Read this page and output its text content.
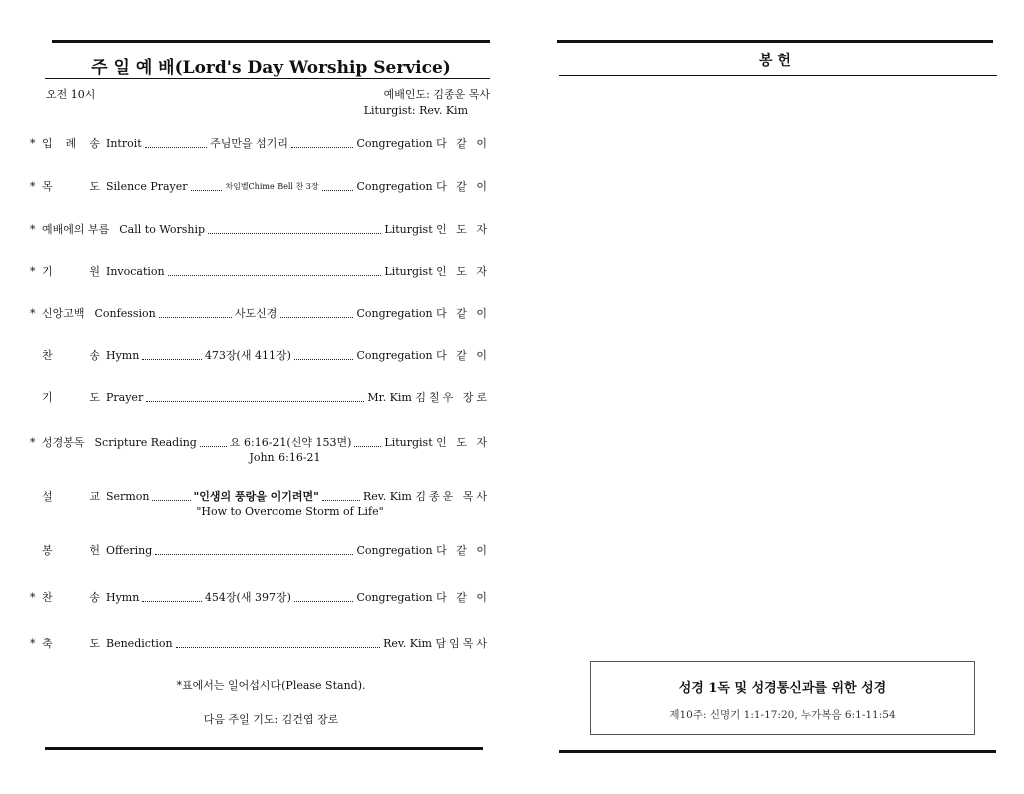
주 일 예 배(Lord's Day Worship Service)
오전 10시	예배인도: 김종운 목사
Liturgist: Rev. Kim
* 입 례 송 Introit	주님만을 섬기리	Congregation 다 같 이
* 목	도 Silence Prayer	차임벨Chime Bell 찬 3장	Congregation 다 같 이
* 예배에의 부름 Call to Worship	Liturgist 인 도 자
* 기	원 Invocation	Liturgist 인 도 자
* 신앙고백 Confession	사도신경	Congregation 다 같 이
찬	송 Hymn	473장(새 411장)	Congregation 다 같 이
기	도 Prayer	Mr. Kim 김칠우 장로
* 성경봉독 Scripture Reading	요 6:16-21(신약 153면)	Liturgist 인 도 자
John 6:16-21
설	교 Sermon	"인생의 풍랑을 이기려면"	Rev. Kim 김종운 목사
"How to Overcome Storm of Life"
봉	헌 Offering	Congregation 다 같 이
* 찬	송 Hymn	454장(새 397장)	Congregation 다 같 이
* 축	도 Benediction	Rev. Kim 담임목사
*표에서는 일어섭시다(Please Stand).
다음 주일 기도: 김건엽 장로
봉 헌
성경 1독 및 성경통신과를 위한 성경
제10주: 신명기 1:1-17:20, 누가복음 6:1-11:54
